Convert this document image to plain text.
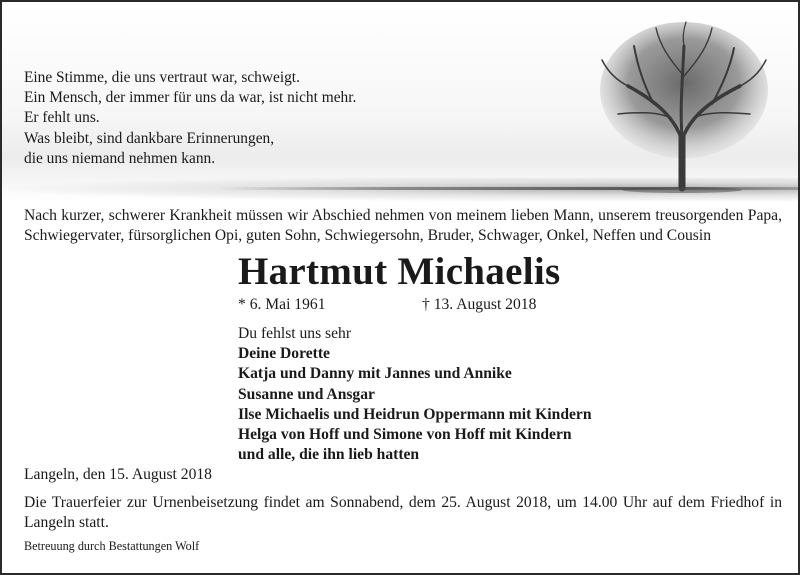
Eine Stimme, die uns vertraut war, schweigt.
Ein Mensch, der immer für uns da war, ist nicht mehr.
Er fehlt uns.
Was bleibt, sind dankbare Erinnerungen,
die uns niemand nehmen kann.
Nach kurzer, schwerer Krankheit müssen wir Abschied nehmen von meinem lieben Mann, unserem treusorgenden Papa, Schwiegervater, fürsorglichen Opi, guten Sohn, Schwiegersohn, Bruder, Schwager, Onkel, Neffen und Cousin
Hartmut Michaelis
* 6. Mai 1961	† 13. August 2018
Du fehlst uns sehr
Deine Dorette
Katja und Danny mit Jannes und Annike
Susanne und Ansgar
Ilse Michaelis und Heidrun Oppermann mit Kindern
Helga von Hoff und Simone von Hoff mit Kindern
und alle, die ihn lieb hatten
Langeln, den 15. August 2018
Die Trauerfeier zur Urnenbeisetzung findet am Sonnabend, dem 25. August 2018, um 14.00 Uhr auf dem Friedhof in Langeln statt.
Betreuung durch Bestattungen Wolf
